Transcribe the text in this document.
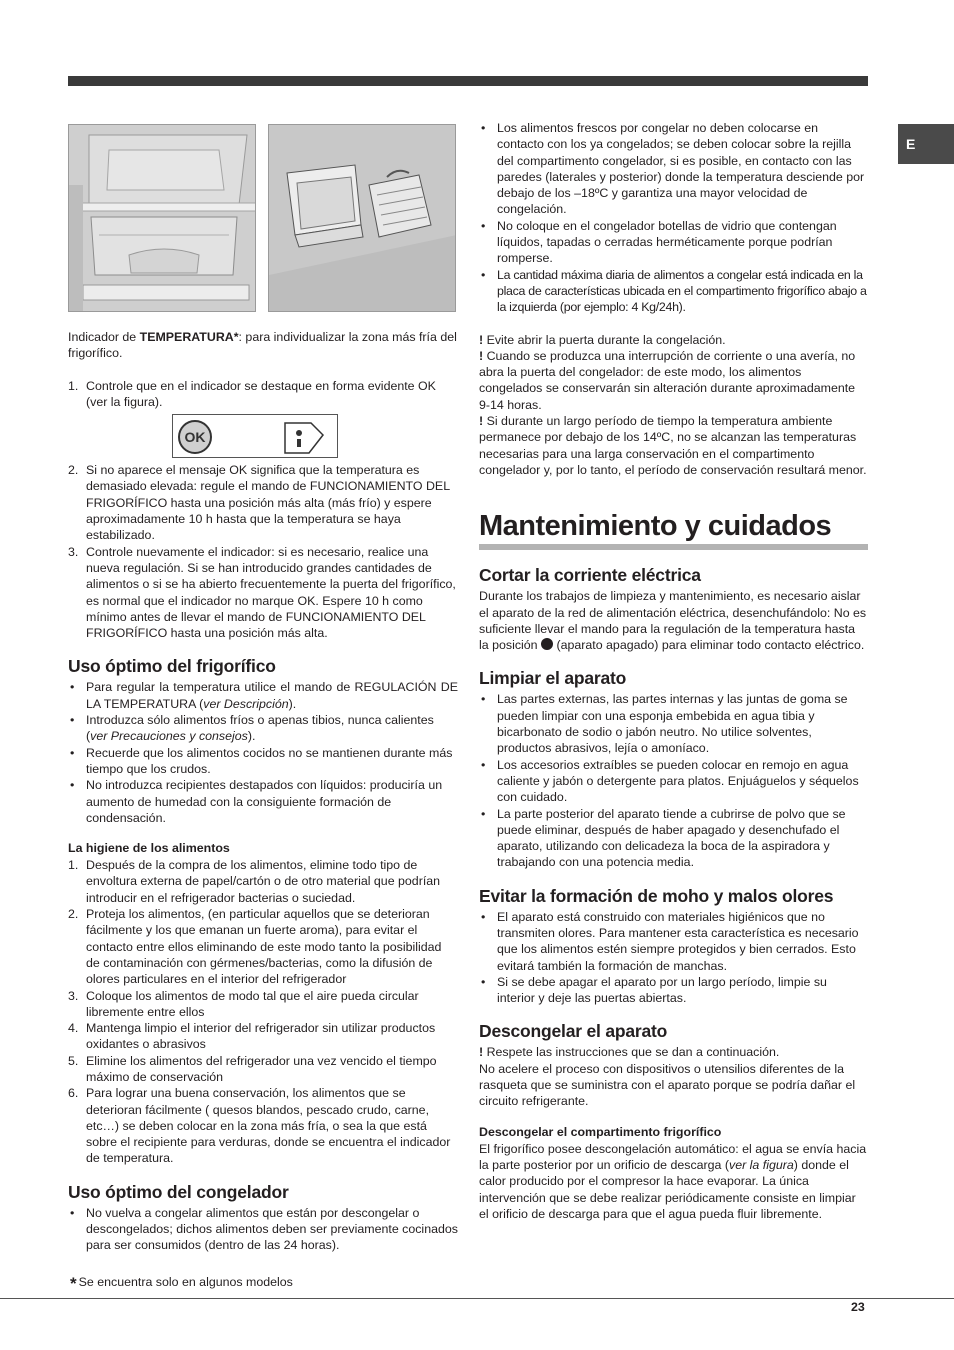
E

Indicador de TEMPERATURA*: para individualizar la zona más fría del frigorífico.

1. Controle que en el indicador se destaque en forma evidente OK (ver la figura).
OK
2. Si no aparece el mensaje OK significa que la temperatura es demasiado elevada: regule el mando de FUNCIONAMIENTO DEL FRIGORÍFICO hasta una posición más alta (más frío) y espere aproximadamente 10 h hasta que la temperatura se haya estabilizado.
3. Controle nuevamente el indicador: si es necesario, realice una nueva regulación. Si se han introducido grandes cantidades de alimentos o si se ha abierto frecuentemente la puerta del frigorífico, es normal que el indicador no marque OK. Espere 10 h como mínimo antes de llevar el mando de FUNCIONAMIENTO DEL FRIGORÍFICO hasta una posición más alta.
Uso óptimo del frigorífico
• Para regular la temperatura utilice el mando de REGULACIÓN DE LA TEMPERATURA (ver Descripción).
• Introduzca sólo alimentos fríos o apenas tibios, nunca calientes (ver Precauciones y consejos).
• Recuerde que los alimentos cocidos no se mantienen durante más tiempo que los crudos.
• No introduzca recipientes destapados con líquidos: produciría un aumento de humedad con la consiguiente formación de condensación.
La higiene de los alimentos
1. Después de la compra de los alimentos, elimine todo tipo de envoltura externa de papel/cartón o de otro material que podrían introducir en el refrigerador bacterias o suciedad.
2. Proteja los alimentos, (en particular aquellos que se deterioran fácilmente y los que emanan un fuerte aroma), para evitar el contacto entre ellos eliminando de este modo tanto la posibilidad de contaminación con gérmenes/bacterias, como la difusión de olores particulares en el interior del refrigerador
3. Coloque los alimentos de modo tal que el aire pueda circular libremente entre ellos
4. Mantenga limpio el interior del refrigerador sin utilizar productos oxidantes o abrasivos
5. Elimine los alimentos del refrigerador una vez vencido el tiempo máximo de conservación
6. Para lograr una buena conservación, los alimentos que se deterioran fácilmente ( quesos blandos, pescado crudo, carne, etc…) se deben colocar en la zona más fría, o sea la que está sobre el recipiente para verduras, donde se encuentra el indicador de temperatura.
Uso óptimo del congelador
• No vuelva a congelar alimentos que están por descongelar o descongelados; dichos alimentos deben ser previamente cocinados para ser consumidos (dentro de las 24 horas).
• Los alimentos frescos por congelar no deben colocarse en contacto con los ya congelados; se deben colocar sobre la rejilla del compartimento congelador, si es posible, en contacto con las paredes (laterales y posterior) donde la temperatura desciende por debajo de los –18ºC y garantiza una mayor velocidad de congelación.
• No coloque en el congelador botellas de vidrio que contengan líquidos, tapadas o cerradas herméticamente porque podrían romperse.
• La cantidad máxima diaria de alimentos a congelar está indicada en la placa de características ubicada en el compartimento frigorífico abajo a la izquierda (por ejemplo: 4 Kg/24h).

! Evite abrir la puerta durante la congelación.

! Cuando se produzca una interrupción de corriente o una avería, no abra la puerta del congelador: de este modo, los alimentos congelados se conservarán sin alteración durante aproximadamente 9-14 horas.

! Si durante un largo período de tiempo la temperatura ambiente permanece por debajo de los 14ºC, no se alcanzan las temperaturas necesarias para una larga conservación en el compartimento congelador y, por lo tanto, el período de conservación resultará menor.

Mantenimiento y cuidados
Cortar la corriente eléctrica

Durante los trabajos de limpieza y mantenimiento, es necesario aislar el aparato de la red de alimentación eléctrica, desenchufándolo: No es suficiente llevar el mando para la regulación de la temperatura hasta la posición  (aparato apagado) para eliminar todo contacto eléctrico.

Limpiar el aparato
• Las partes externas, las partes internas y las juntas de goma se pueden limpiar con una esponja embebida en agua tibia y bicarbonato de sodio o jabón neutro. No utilice solventes, productos abrasivos, lejía o amoníaco.
• Los accesorios extraíbles se pueden colocar en remojo en agua caliente y jabón o detergente para platos. Enjuáguelos y séquelos con cuidado.
• La parte posterior del aparato tiende a cubrirse de polvo que se puede eliminar, después de haber apagado y desenchufado el aparato, utilizando con delicadeza la boca de la aspiradora y trabajando con una potencia media.
Evitar la formación de moho y malos olores
• El aparato está construido con materiales higiénicos que no transmiten olores. Para mantener esta característica es necesario que los alimentos estén siempre protegidos y bien cerrados. Esto evitará también la formación de manchas.
• Si se debe apagar el aparato por un largo período, limpie su interior y deje las puertas abiertas.
Descongelar el aparato

! Respete las instrucciones que se dan a continuación.

No acelere el proceso con dispositivos o utensilios diferentes de la rasqueta que se suministra con el aparato porque se podría dañar el circuito refrigerante.

Descongelar el compartimento frigorífico

El frigorífico posee descongelación automático: el agua se envía hacia la parte posterior por un orificio de descarga (ver la figura) donde el calor producido por el compresor la hace evaporar. La única intervención que se debe realizar periódicamente consiste en limpiar el orificio de descarga para que el agua pueda fluir libremente.

* Se encuentra solo en algunos modelos
23
